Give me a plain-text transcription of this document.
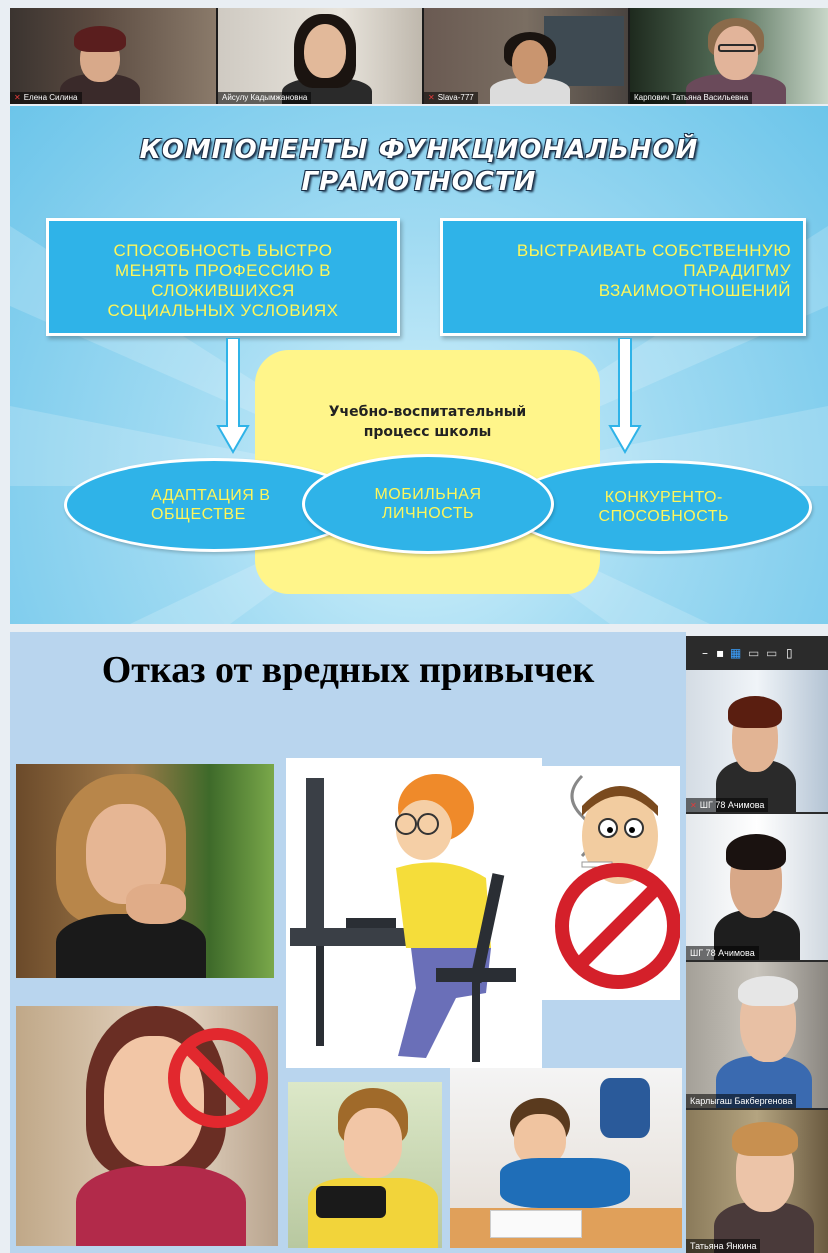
✕ Елена Силина	Айсулу Кадымжановна	✕ Slava-777	Карпович Татьяна Васильевна
КОМПОНЕНТЫ ФУНКЦИОНАЛЬНОЙ
ГРАМОТНОСТИ
СПОСОБНОСТЬ БЫСТРО
МЕНЯТЬ ПРОФЕССИЮ В
СЛОЖИВШИХСЯ
СОЦИАЛЬНЫХ УСЛОВИЯХ
ВЫСТРАИВАТЬ СОБСТВЕННУЮ
ПАРАДИГМУ
ВЗАИМООТНОШЕНИЙ
Учебно-воспитательный
процесс школы
АДАПТАЦИЯ В
ОБЩЕСТВЕ
КОНКУРЕНТО-
СПОСОБНОСТЬ
МОБИЛЬНАЯ
ЛИЧНОСТЬ
Отказ от вредных привычек	– ▪ ▦ ▭ ▭ ▯
✕ ШГ 78 Ачимова
ШГ 78 Ачимова
Карлыгаш Бакбергенова
Татьяна Янкина
